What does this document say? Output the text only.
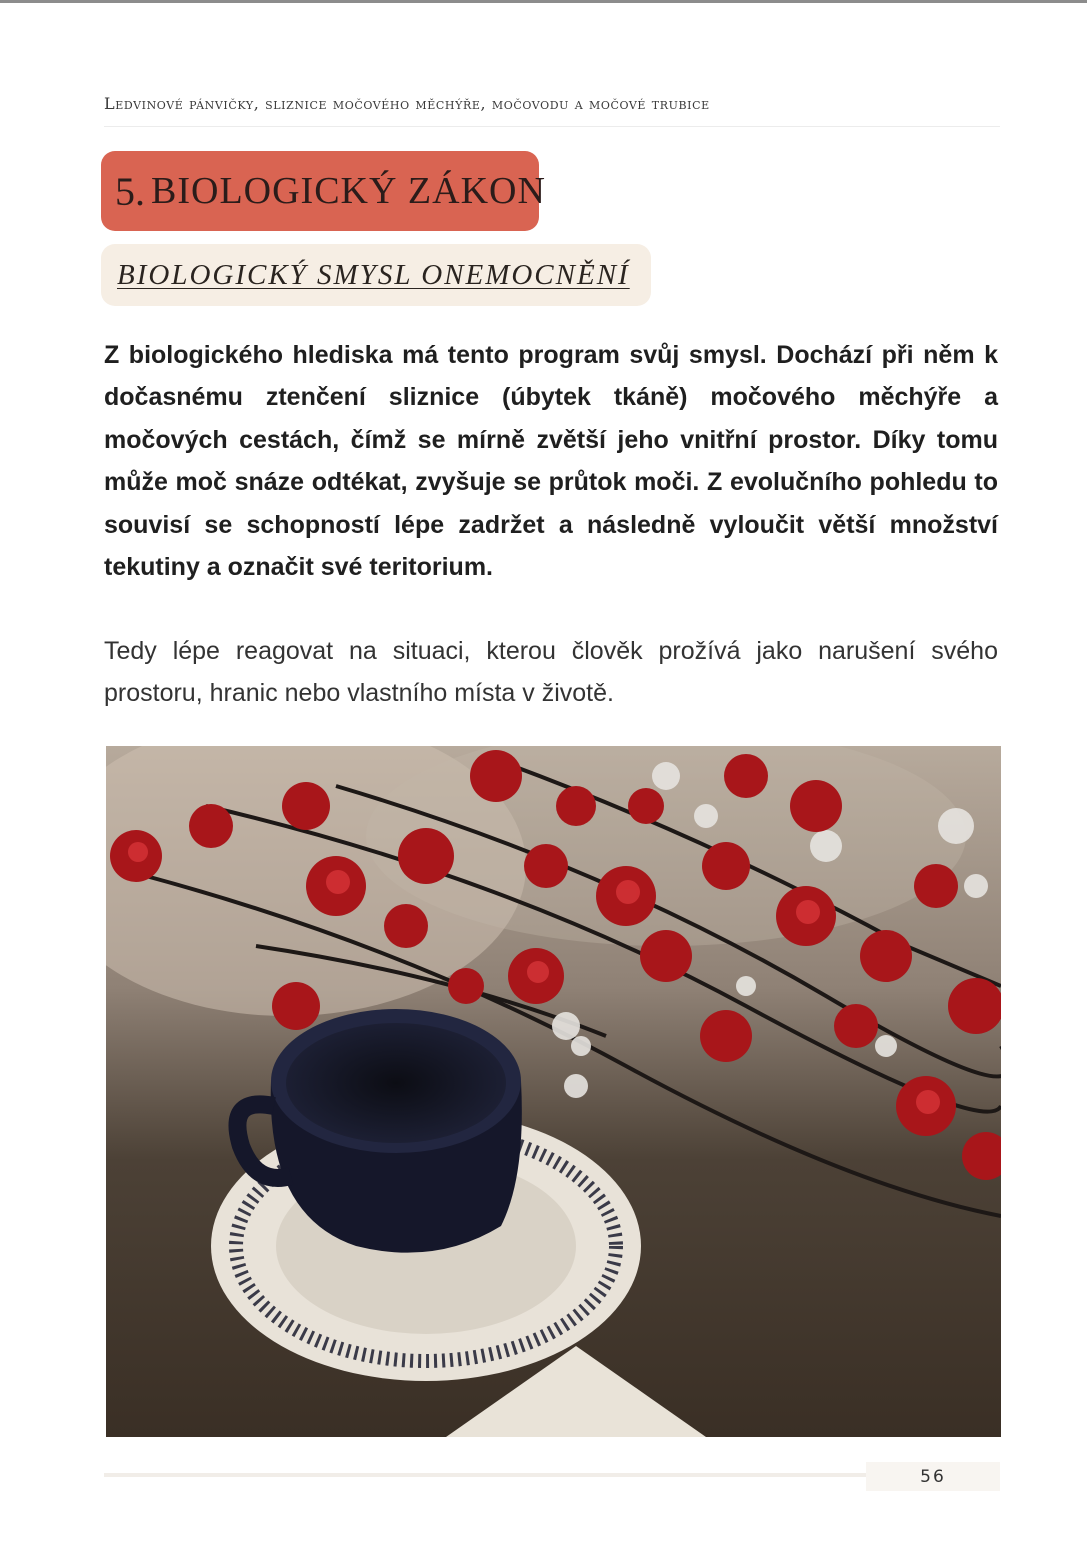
Ledvinové pánvičky, sliznice močového měchýře, močovodu a močové trubice
5. BIOLOGICKÝ ZÁKON
BIOLOGICKÝ SMYSL ONEMOCNĚNÍ

Z biologického hlediska má tento program svůj smysl. Dochází při něm k dočasnému ztenčení sliznice (úbytek tkáně) močového měchýře a močových cestách, čímž se mírně zvětší jeho vnitřní prostor. Díky tomu může moč snáze odtékat, zvyšuje se průtok moči. Z evolučního pohledu to souvisí se schopností lépe zadržet a následně vyloučit větší množství tekutiny a označit své teritorium.

Tedy lépe reagovat na situaci, kterou člověk prožívá jako narušení svého prostoru, hranic nebo vlastního místa v životě.

56
